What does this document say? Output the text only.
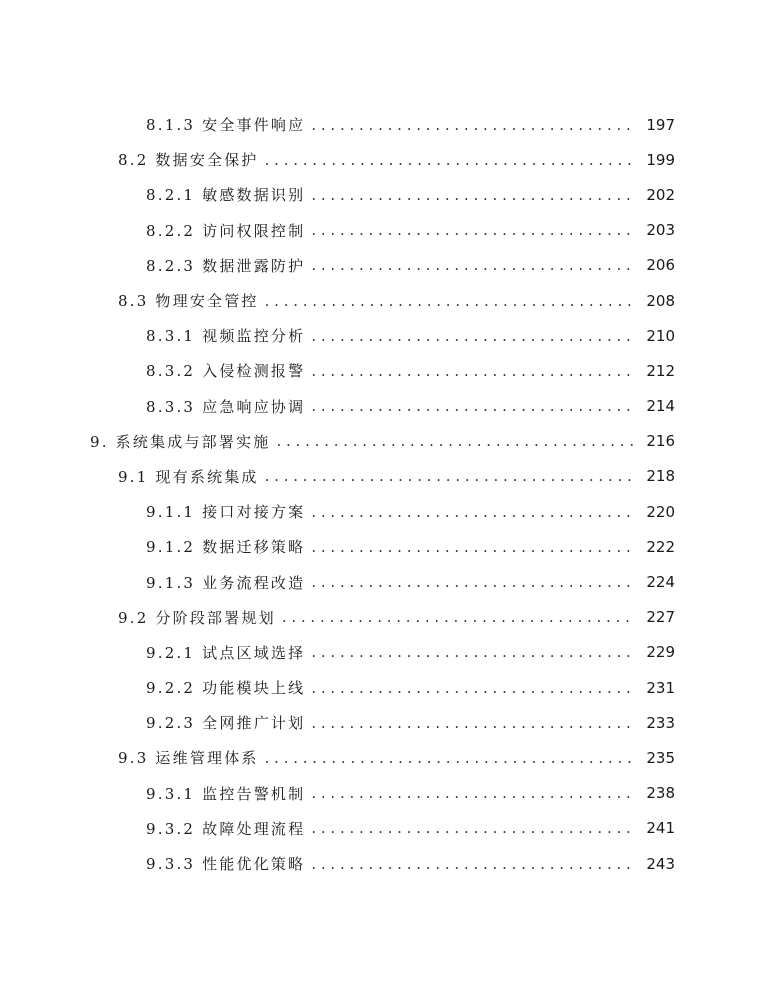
8.1.3 安全事件响应 . . .	197
8.2 数据安全保护 . . .	199
8.2.1 敏感数据识别 . . .	202
8.2.2 访问权限控制 . . .	203
8.2.3 数据泄露防护 . . .	206
8.3 物理安全管控 . . .	208
8.3.1 视频监控分析 . . .	210
8.3.2 入侵检测报警 . . .	212
8.3.3 应急响应协调 . . .	214
9. 系统集成与部署实施 . . .	216
9.1 现有系统集成 . . .	218
9.1.1 接口对接方案 . . .	220
9.1.2 数据迁移策略 . . .	222
9.1.3 业务流程改造 . . .	224
9.2 分阶段部署规划 . . .	227
9.2.1 试点区域选择 . . .	229
9.2.2 功能模块上线 . . .	231
9.2.3 全网推广计划 . . .	233
9.3 运维管理体系 . . .	235
9.3.1 监控告警机制 . . .	238
9.3.2 故障处理流程 . . .	241
9.3.3 性能优化策略 . . .	243
